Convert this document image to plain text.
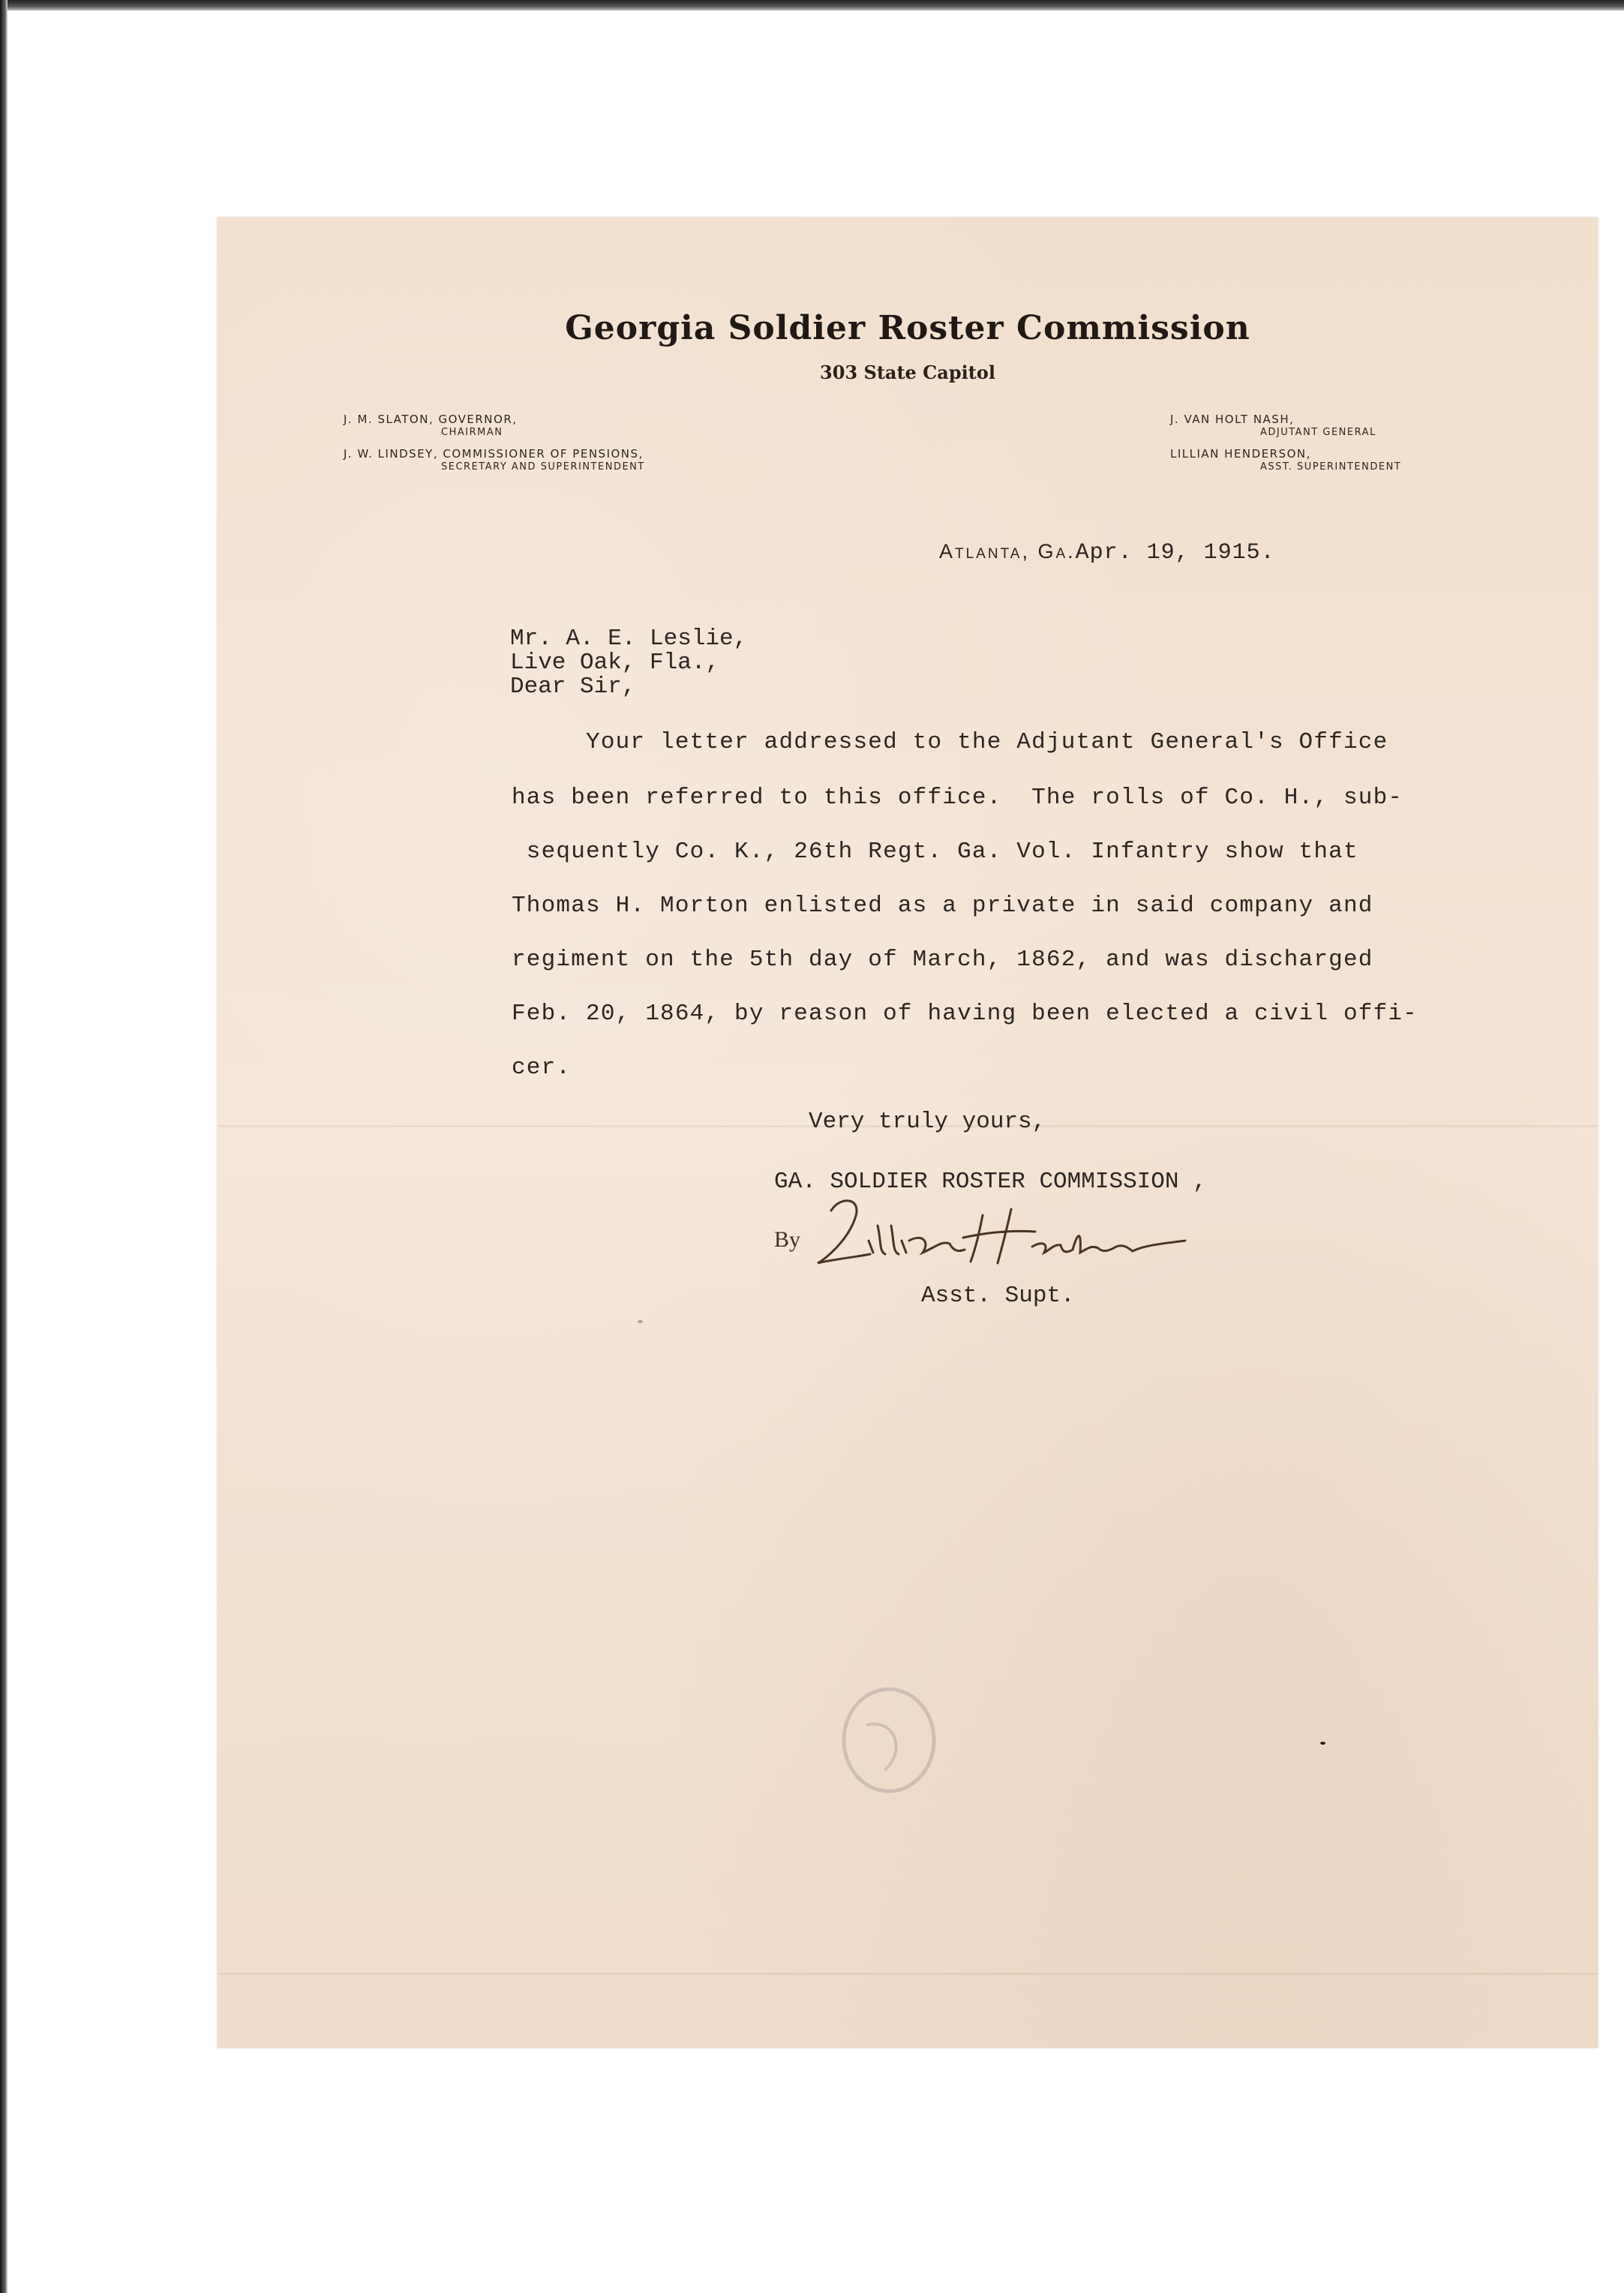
Georgia Soldier Roster Commission
303 State Capitol
J. M. SLATON, GOVERNOR,
CHAIRMAN
J. W. LINDSEY, COMMISSIONER OF PENSIONS,
SECRETARY AND SUPERINTENDENT
J. VAN HOLT NASH,
ADJUTANT GENERAL
LILLIAN HENDERSON,
ASST. SUPERINTENDENT
Atlanta, Ga.Apr. 19, 1915.
Mr. A. E. Leslie,
Live Oak, Fla.,
Dear Sir,
Your letter addressed to the Adjutant General's Office
has been referred to this office.  The rolls of Co. H., sub-
sequently Co. K., 26th Regt. Ga. Vol. Infantry show that
Thomas H. Morton enlisted as a private in said company and
regiment on the 5th day of March, 1862, and was discharged
Feb. 20, 1864, by reason of having been elected a civil offi-
cer.
Very truly yours,
GA. SOLDIER ROSTER COMMISSION ,
By
Asst. Supt.
